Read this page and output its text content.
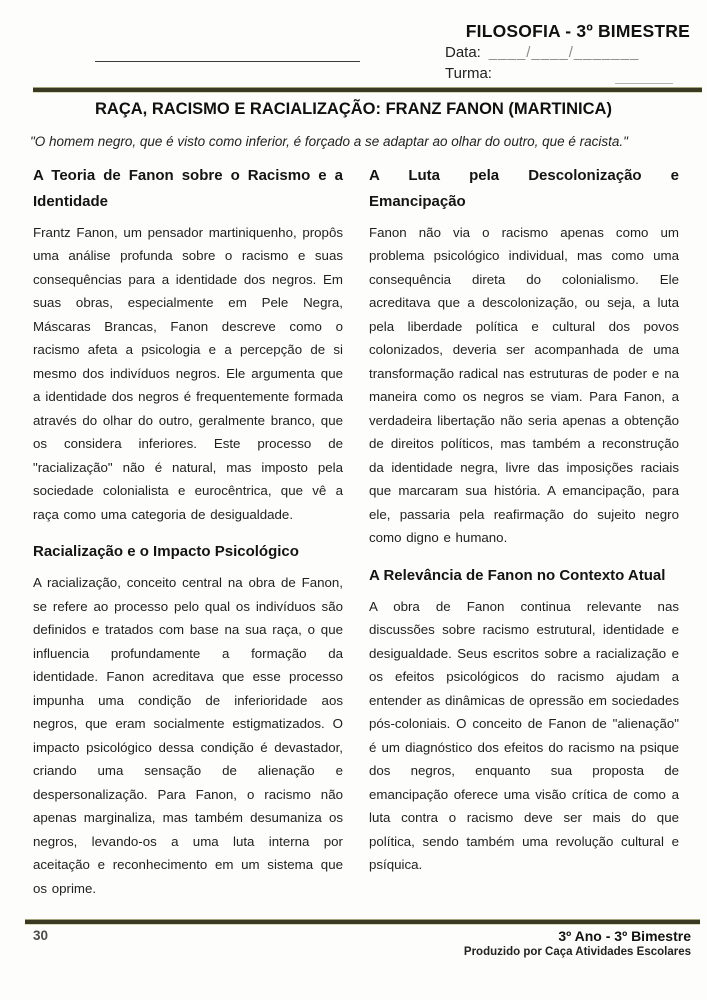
FILOSOFIA - 3º BIMESTRE
Data: ____/____/_______
Turma:
RAÇA, RACISMO E RACIALIZAÇÃO: FRANZ FANON (MARTINICA)

"O homem negro, que é visto como inferior, é forçado a se adaptar ao olhar do outro, que é racista."

A Teoria de Fanon sobre o Racismo e a Identidade

Frantz Fanon, um pensador martiniquenho, propôs uma análise profunda sobre o racismo e suas consequências para a identidade dos negros. Em suas obras, especialmente em Pele Negra, Máscaras Brancas, Fanon descreve como o racismo afeta a psicologia e a percepção de si mesmo dos indivíduos negros. Ele argumenta que a identidade dos negros é frequentemente formada através do olhar do outro, geralmente branco, que os considera inferiores. Este processo de "racialização" não é natural, mas imposto pela sociedade colonialista e eurocêntrica, que vê a raça como uma categoria de desigualdade.

Racialização e o Impacto Psicológico

A racialização, conceito central na obra de Fanon, se refere ao processo pelo qual os indivíduos são definidos e tratados com base na sua raça, o que influencia profundamente a formação da identidade. Fanon acreditava que esse processo impunha uma condição de inferioridade aos negros, que eram socialmente estigmatizados. O impacto psicológico dessa condição é devastador, criando uma sensação de alienação e despersonalização. Para Fanon, o racismo não apenas marginaliza, mas também desumaniza os negros, levando-os a uma luta interna por aceitação e reconhecimento em um sistema que os oprime.

A Luta pela Descolonização e Emancipação

Fanon não via o racismo apenas como um problema psicológico individual, mas como uma consequência direta do colonialismo. Ele acreditava que a descolonização, ou seja, a luta pela liberdade política e cultural dos povos colonizados, deveria ser acompanhada de uma transformação radical nas estruturas de poder e na maneira como os negros se viam. Para Fanon, a verdadeira libertação não seria apenas a obtenção de direitos políticos, mas também a reconstrução da identidade negra, livre das imposições raciais que marcaram sua história. A emancipação, para ele, passaria pela reafirmação do sujeito negro como digno e humano.

A Relevância de Fanon no Contexto Atual

A obra de Fanon continua relevante nas discussões sobre racismo estrutural, identidade e desigualdade. Seus escritos sobre a racialização e os efeitos psicológicos do racismo ajudam a entender as dinâmicas de opressão em sociedades pós-coloniais. O conceito de Fanon de "alienação" é um diagnóstico dos efeitos do racismo na psique dos negros, enquanto sua proposta de emancipação oferece uma visão crítica de como a luta contra o racismo deve ser mais do que política, sendo também uma revolução cultural e psíquica.

30	3º Ano - 3º Bimestre
Produzido por Caça Atividades Escolares
